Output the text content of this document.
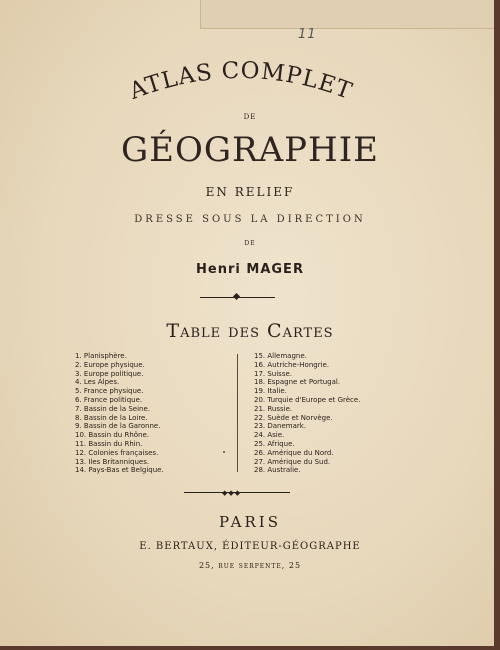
11
ATLAS COMPLET
DE
GÉOGRAPHIE
EN RELIEF
DRESSE SOUS LA DIRECTION
DE
Henri MAGER
Table des Cartes
1. Planisphère.
2. Europe physique.
3. Europe politique.
4. Les Alpes.
5. France physique.
6. France politique.
7. Bassin de la Seine.
8. Bassin de la Loire.
9. Bassin de la Garonne.
10. Bassin du Rhône.
11. Bassin du Rhin.
12. Colonies françaises.
13. Iles Britanniques.
14. Pays-Bas et Belgique.
15. Allemagne.
16. Autriche-Hongrie.
17. Suisse.
18. Espagne et Portugal.
19. Italie.
20. Turquie d'Europe et Grèce.
21. Russie.
22. Suède et Norvège.
23. Danemark.
24. Asie.
25. Afrique.
26. Amérique du Nord.
27. Amérique du Sud.
28. Australie.
◆◆◆
PARIS
E. BERTAUX, ÉDITEUR-GÉOGRAPHE
25, rue serpente, 25
